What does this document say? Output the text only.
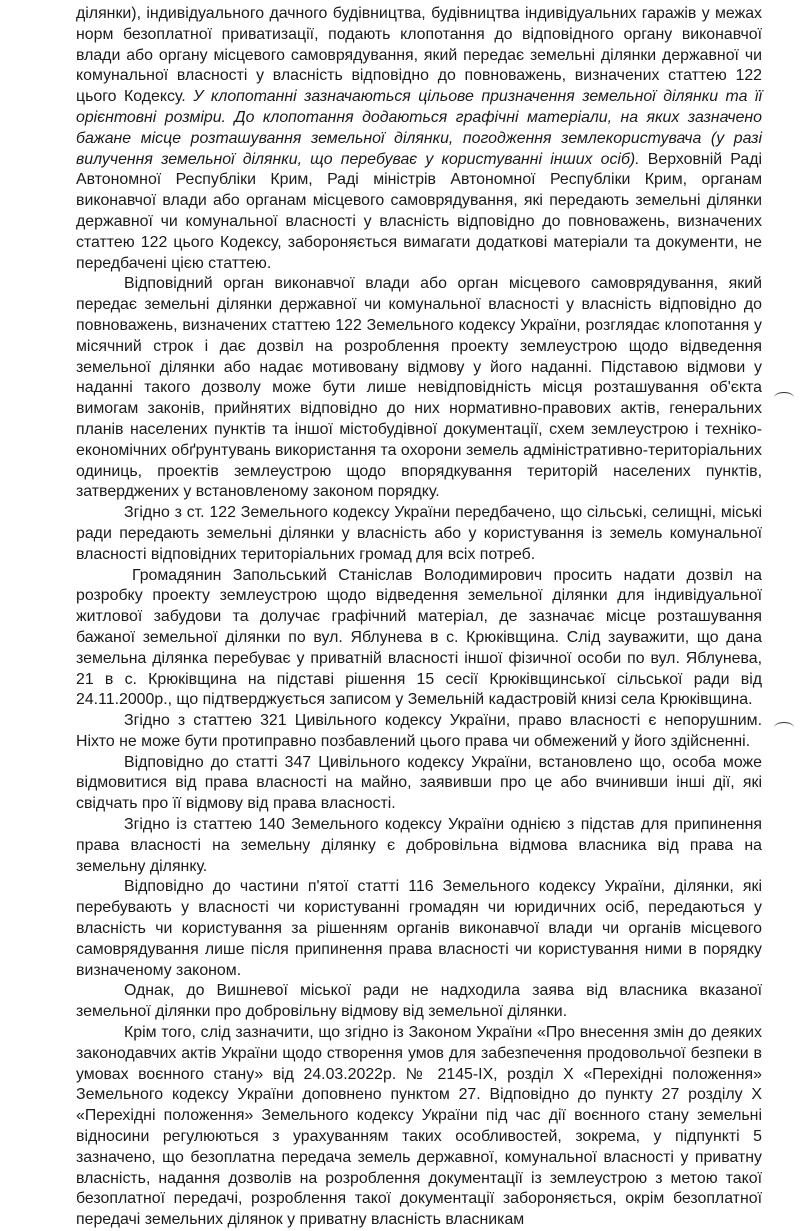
ділянки), індивідуального дачного будівництва, будівництва індивідуальних гаражів у межах норм безоплатної приватизації, подають клопотання до відповідного органу виконавчої влади або органу місцевого самоврядування, який передає земельні ділянки державної чи комунальної власності у власність відповідно до повноважень, визначених статтею 122 цього Кодексу. У клопотанні зазначаються цільове призначення земельної ділянки та її орієнтовні розміри. До клопотання додаються графічні матеріали, на яких зазначено бажане місце розташування земельної ділянки, погодження землекористувача (у разі вилучення земельної ділянки, що перебуває у користуванні інших осіб). Верховній Раді Автономної Республіки Крим, Раді міністрів Автономної Республіки Крим, органам виконавчої влади або органам місцевого самоврядування, які передають земельні ділянки державної чи комунальної власності у власність відповідно до повноважень, визначених статтею 122 цього Кодексу, забороняється вимагати додаткові матеріали та документи, не передбачені цією статтею.

Відповідний орган виконавчої влади або орган місцевого самоврядування, який передає земельні ділянки державної чи комунальної власності у власність відповідно до повноважень, визначених статтею 122 Земельного кодексу України, розглядає клопотання у місячний строк і дає дозвіл на розроблення проекту землеустрою щодо відведення земельної ділянки або надає мотивовану відмову у його наданні. Підставою відмови у наданні такого дозволу може бути лише невідповідність місця розташування об'єкта вимогам законів, прийнятих відповідно до них нормативно-правових актів, генеральних планів населених пунктів та іншої містобудівної документації, схем землеустрою і техніко-економічних обґрунтувань використання та охорони земель адміністративно-територіальних одиниць, проектів землеустрою щодо впорядкування територій населених пунктів, затверджених у встановленому законом порядку.

Згідно з ст. 122 Земельного кодексу України передбачено, що сільські, селищні, міські ради передають земельні ділянки у власність або у користування із земель комунальної власності відповідних територіальних громад для всіх потреб.

Громадянин Запольський Станіслав Володимирович просить надати дозвіл на розробку проекту землеустрою щодо відведення земельної ділянки для індивідуальної житлової забудови та долучає графічний матеріал, де зазначає місце розташування бажаної земельної ділянки по вул. Яблунева в с. Крюківщина. Слід зауважити, що дана земельна ділянка перебуває у приватній власності іншої фізичної особи по вул. Яблунева, 21 в с. Крюківщина на підставі рішення 15 сесії Крюківщинської сільської ради від 24.11.2000р., що підтверджується записом у Земельній кадастровій книзі села Крюківщина.

Згідно з статтею 321 Цивільного кодексу України, право власності є непорушним. Ніхто не може бути протиправно позбавлений цього права чи обмежений у його здійсненні.

Відповідно до статті 347 Цивільного кодексу України, встановлено що, особа може відмовитися від права власності на майно, заявивши про це або вчинивши інші дії, які свідчать про її відмову від права власності.

Згідно із статтею 140 Земельного кодексу України однією з підстав для припинення права власності на земельну ділянку є добровільна відмова власника від права на земельну ділянку.

Відповідно до частини п'ятої статті 116 Земельного кодексу України, ділянки, які перебувають у власності чи користуванні громадян чи юридичних осіб, передаються у власність чи користування за рішенням органів виконавчої влади чи органів місцевого самоврядування лише після припинення права власності чи користування ними в порядку визначеному законом.

Однак, до Вишневої міської ради не надходила заява від власника вказаної земельної ділянки про добровільну відмову від земельної ділянки.

Крім того, слід зазначити, що згідно із Законом України «Про внесення змін до деяких законодавчих актів України щодо створення умов для забезпечення продовольчої безпеки в умовах воєнного стану» від 24.03.2022р. № 2145-IX, розділ X «Перехідні положення» Земельного кодексу України доповнено пунктом 27. Відповідно до пункту 27 розділу X «Перехідні положення» Земельного кодексу України під час дії воєнного стану земельні відносини регулюються з урахуванням таких особливостей, зокрема, у підпункті 5 зазначено, що безоплатна передача земель державної, комунальної власності у приватну власність, надання дозволів на розроблення документації із землеустрою з метою такої безоплатної передачі, розроблення такої документації забороняється, окрім безоплатної передачі земельних ділянок у приватну власність власникам
